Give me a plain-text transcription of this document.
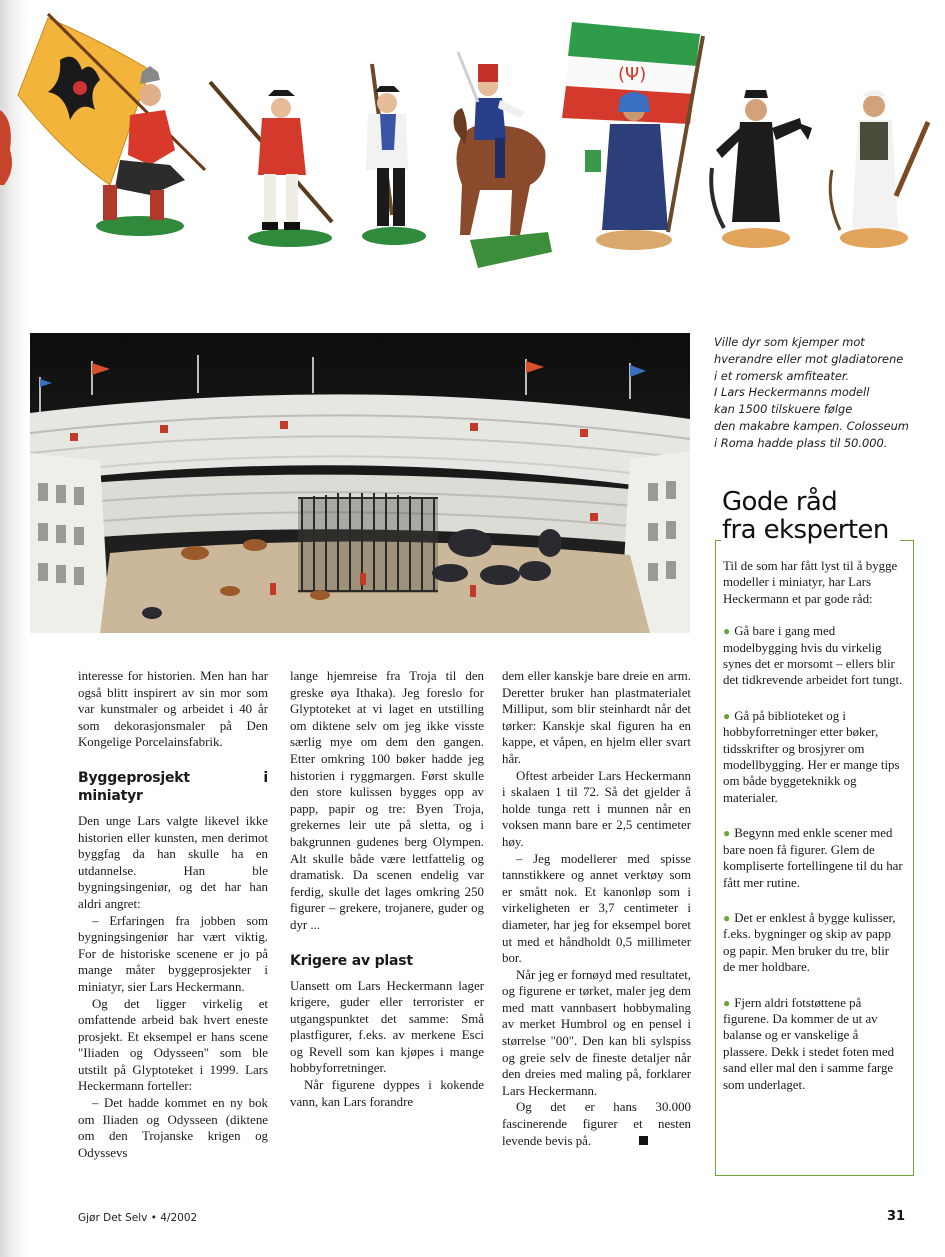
(Ψ)
Ville dyr som kjemper mot
hverandre eller mot gladiatorene
i et romersk amfiteater.
I Lars Heckermanns modell
kan 1500 tilskuere følge
den makabre kampen. Colosseum
i Roma hadde plass til 50.000.

interesse for historien. Men han har også blitt inspirert av sin mor som var kunstmaler og arbeidet i 40 år som dekorasjonsmaler på Den Kongelige Porcelainsfabrik.

Byggeprosjekt i miniatyr

Den unge Lars valgte likevel ikke historien eller kunsten, men derimot byggfag da han skulle ha en utdannelse. Han ble bygningsingeniør, og det har han aldri angret:

– Erfaringen fra jobben som bygningsingeniør har vært viktig. For de historiske scenene er jo på mange måter byggeprosjekter i miniatyr, sier Lars Heckermann.

Og det ligger virkelig et omfattende arbeid bak hvert eneste prosjekt. Et eksempel er hans scene "Iliaden og Odysseen" som ble utstilt på Glyptoteket i 1999. Lars Heckermann forteller:

– Det hadde kommet en ny bok om Iliaden og Odysseen (diktene om den Trojanske krigen og Odyssevs

lange hjemreise fra Troja til den greske øya Ithaka). Jeg foreslo for Glyptoteket at vi laget en utstilling om diktene selv om jeg ikke visste særlig mye om dem den gangen. Etter omkring 100 bøker hadde jeg historien i ryggmargen. Først skulle den store kulissen bygges opp av papp, papir og tre: Byen Troja, grekernes leir ute på sletta, og i bakgrunnen gudenes berg Olympen. Alt skulle både være lettfattelig og dramatisk. Da scenen endelig var ferdig, skulle det lages omkring 250 figurer – grekere, trojanere, guder og dyr ...

Krigere av plast

Uansett om Lars Heckermann lager krigere, guder eller terrorister er utgangspunktet det samme: Små plastfigurer, f.eks. av merkene Esci og Revell som kan kjøpes i mange hobbyforretninger.

Når figurene dyppes i kokende vann, kan Lars forandre

dem eller kanskje bare dreie en arm. Deretter bruker han plastmaterialet Milliput, som blir steinhardt når det tørker: Kanskje skal figuren ha en kappe, et våpen, en hjelm eller svart hår.

Oftest arbeider Lars Heckermann i skalaen 1 til 72. Så det gjelder å holde tunga rett i munnen når en voksen mann bare er 2,5 centimeter høy.

– Jeg modellerer med spisse tannstikkere og annet verktøy som er smått nok. Et kanonløp som i virkeligheten er 3,7 centimeter i diameter, har jeg for eksempel boret ut med et håndholdt 0,5 millimeter bor.

Når jeg er fornøyd med resultatet, og figurene er tørket, maler jeg dem med matt vannbasert hobbymaling av merket Humbrol og en pensel i størrelse "00". Den kan bli sylspiss og greie selv de fineste detaljer når den dreies med maling på, forklarer Lars Heckermann.

Og det er hans 30.000 fascinerende figurer et nesten levende bevis på.

Gode råd
fra eksperten

Til de som har fått lyst til å bygge modeller i miniatyr, har Lars Heckermann et par gode råd:

● Gå bare i gang med modelbygging hvis du virkelig synes det er morsomt – ellers blir det tidkrevende arbeidet fort tungt.

● Gå på biblioteket og i hobbyforretninger etter bøker, tidsskrifter og brosjyrer om modellbygging. Her er mange tips om både byggeteknikk og materialer.

● Begynn med enkle scener med bare noen få figurer. Glem de kompliserte fortellingene til du har fått mer rutine.

● Det er enklest å bygge kulisser, f.eks. bygninger og skip av papp og papir. Men bruker du tre, blir de mer holdbare.

● Fjern aldri fotstøttene på figurene. Da kommer de ut av balanse og er vanskelige å plassere. Dekk i stedet foten med sand eller mal den i samme farge som underlaget.

Gjør Det Selv • 4/2002	31
